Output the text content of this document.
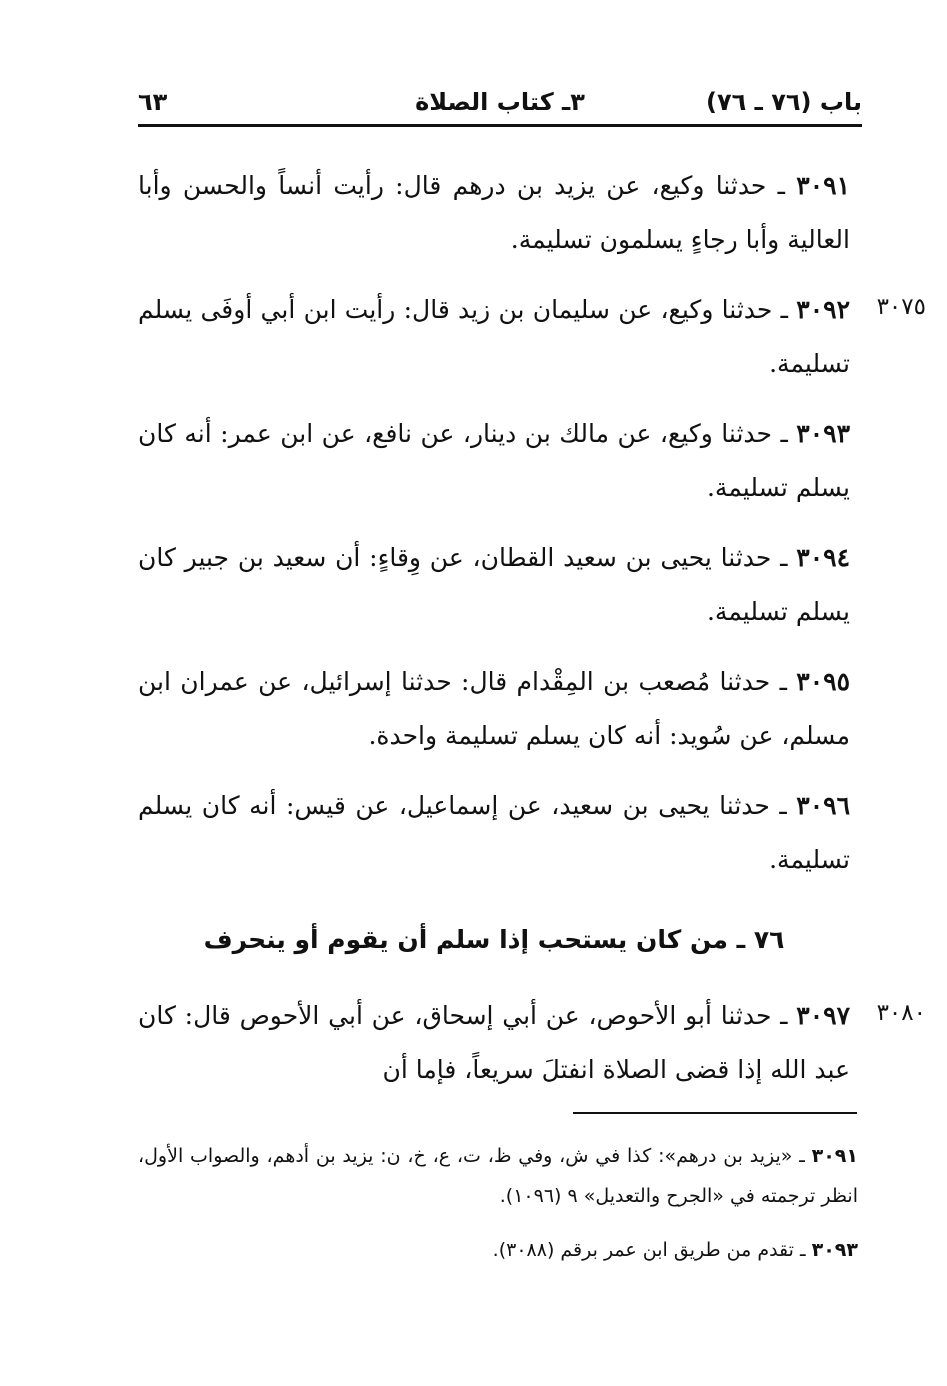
باب (٧٦ ـ ٧٦)
٣ـ كتاب الصلاة
٦٣
٣٠٩١ ـ حدثنا وكيع، عن يزيد بن درهم قال: رأيت أنساً والحسن وأبا العالية وأبا رجاءٍ يسلمون تسليمة.
٣٠٩٢ ـ حدثنا وكيع، عن سليمان بن زيد قال: رأيت ابن أبي أوفَى يسلم تسليمة.
٣٠٧٥
٣٠٩٣ ـ حدثنا وكيع، عن مالك بن دينار، عن نافع، عن ابن عمر: أنه كان يسلم تسليمة.
٣٠٩٤ ـ حدثنا يحيى بن سعيد القطان، عن وِقاءٍ: أن سعيد بن جبير كان يسلم تسليمة.
٣٠٩٥ ـ حدثنا مُصعب بن المِقْدام قال: حدثنا إسرائيل، عن عمران ابن مسلم، عن سُويد: أنه كان يسلم تسليمة واحدة.
٣٠٩٦ ـ حدثنا يحيى بن سعيد، عن إسماعيل، عن قيس: أنه كان يسلم تسليمة.
٧٦ ـ من كان يستحب إذا سلم أن يقوم أو ينحرف
٣٠٩٧ ـ حدثنا أبو الأحوص، عن أبي إسحاق، عن أبي الأحوص قال: كان عبد الله إذا قضى الصلاة انفتلَ سريعاً، فإما أن
٣٠٨٠
٣٠٩١ ـ «يزيد بن درهم»: كذا في ش، وفي ظ، ت، ع، خ، ن: يزيد بن أدهم، والصواب الأول، انظر ترجمته في «الجرح والتعديل» ٩ (١٠٩٦).
٣٠٩٣ ـ تقدم من طريق ابن عمر برقم (٣٠٨٨).
